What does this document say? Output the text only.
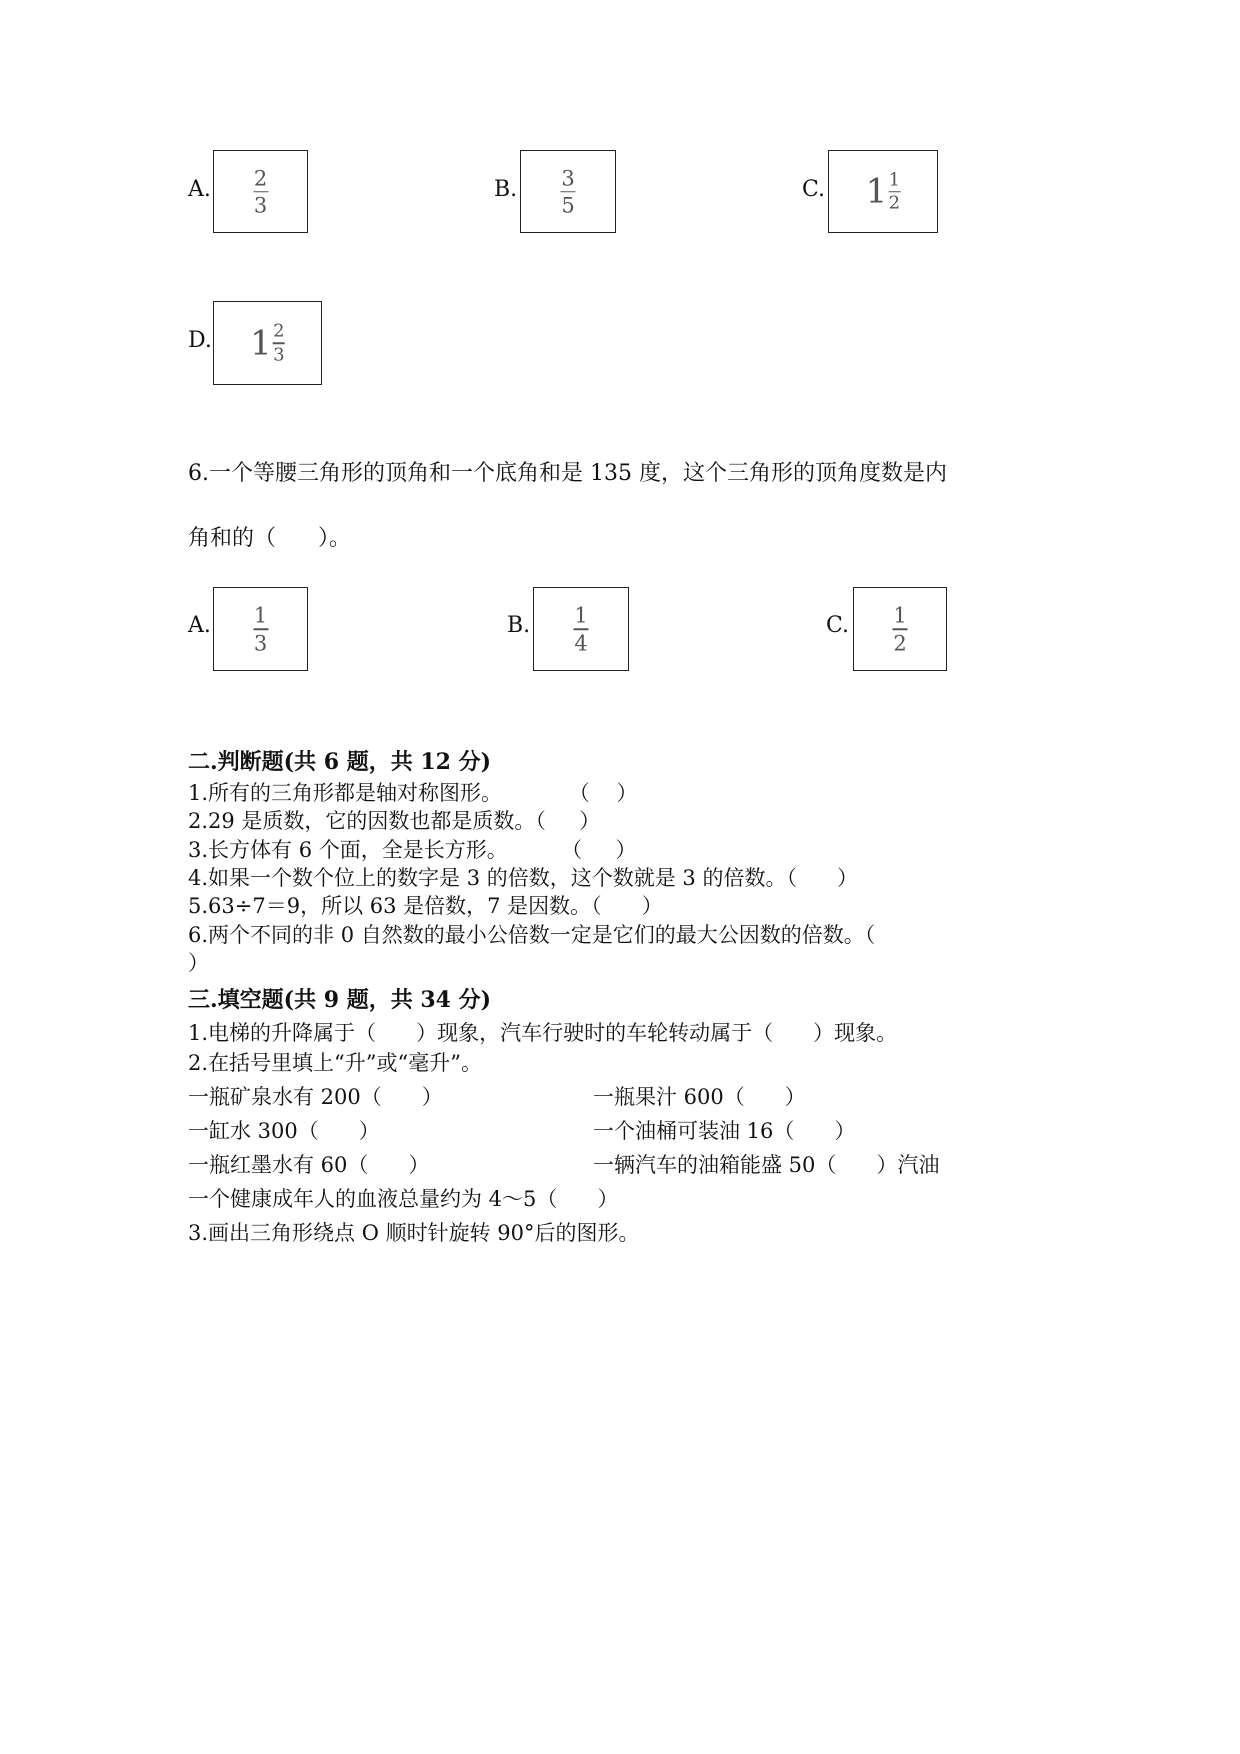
A. $\frac{2}{3}$	B. $\frac{3}{5}$	C. $1 \frac{1}{2}$
D. $1 \frac{2}{3}$
6.一个等腰三角形的顶角和一个底角和是 135 度，这个三角形的顶角度数是内
角和的（      ）。
A. $\frac{1}{3}$	B. $\frac{1}{4}$	C. $\frac{1}{2}$
二.判断题(共 6 题，共 12 分)
1.所有的三角形都是轴对称图形。          （    ）
2.29 是质数，它的因数也都是质数。（     ）
3.长方体有 6 个面，全是长方形。        （     ）
4.如果一个数个位上的数字是 3 的倍数，这个数就是 3 的倍数。（      ）
5.63÷7＝9，所以 63 是倍数，7 是因数。（      ）
6.两个不同的非 0 自然数的最小公倍数一定是它们的最大公因数的倍数。（
）
三.填空题(共 9 题，共 34 分)
1.电梯的升降属于（      ）现象，汽车行驶时的车轮转动属于（      ）现象。
2.在括号里填上“升”或“毫升”。
一瓶矿泉水有 200（      ）	一瓶果汁 600（      ）
一缸水 300（      ）	一个油桶可装油 16（      ）
一瓶红墨水有 60（      ）	一辆汽车的油箱能盛 50（      ）汽油
一个健康成年人的血液总量约为 4～5（      ）
3.画出三角形绕点 O 顺时针旋转 90°后的图形。
